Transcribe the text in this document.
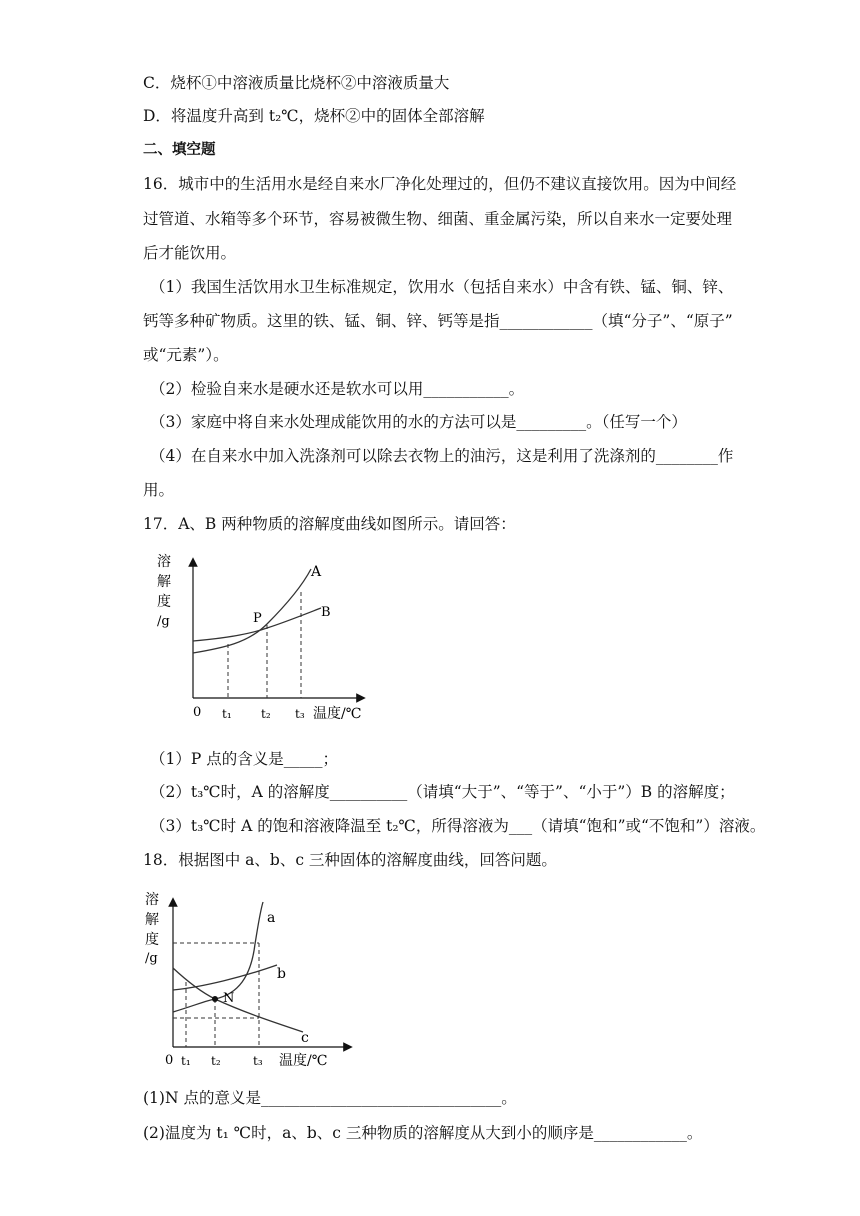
C．烧杯①中溶液质量比烧杯②中溶液质量大
D．将温度升高到 t₂℃，烧杯②中的固体全部溶解
二、填空题
16．城市中的生活用水是经自来水厂净化处理过的，但仍不建议直接饮用。因为中间经
过管道、水箱等多个环节，容易被微生物、细菌、重金属污染，所以自来水一定要处理
后才能饮用。
（1）我国生活饮用水卫生标准规定，饮用水（包括自来水）中含有铁、锰、铜、锌、
钙等多种矿物质。这里的铁、锰、铜、锌、钙等是指____________（填“分子”、“原子”
或“元素”）。
（2）检验自来水是硬水还是软水可以用___________。
（3）家庭中将自来水处理成能饮用的水的方法可以是_________。（任写一个）
（4）在自来水中加入洗涤剂可以除去衣物上的油污，这是利用了洗涤剂的________作
用。
17．A、B 两种物质的溶解度曲线如图所示。请回答：
溶
解
度
/g
0 t₁ t₂ t₃ 温度/℃
A
B
P
（1）P 点的含义是_____；
（2）t₃℃时，A 的溶解度__________（请填“大于”、“等于”、“小于”）B 的溶解度；
（3）t₃℃时 A 的饱和溶液降温至 t₂℃，所得溶液为___（请填“饱和”或“不饱和”）溶液。
18．根据图中 a、b、c 三种固体的溶解度曲线，回答问题。
溶
解
度
/g
0 t₁ t₂	t₃ 温度/℃
a
b
c
N
(1)N 点的意义是_______________________________。
(2)温度为 t₁ ℃时，a、b、c 三种物质的溶解度从大到小的顺序是____________。
